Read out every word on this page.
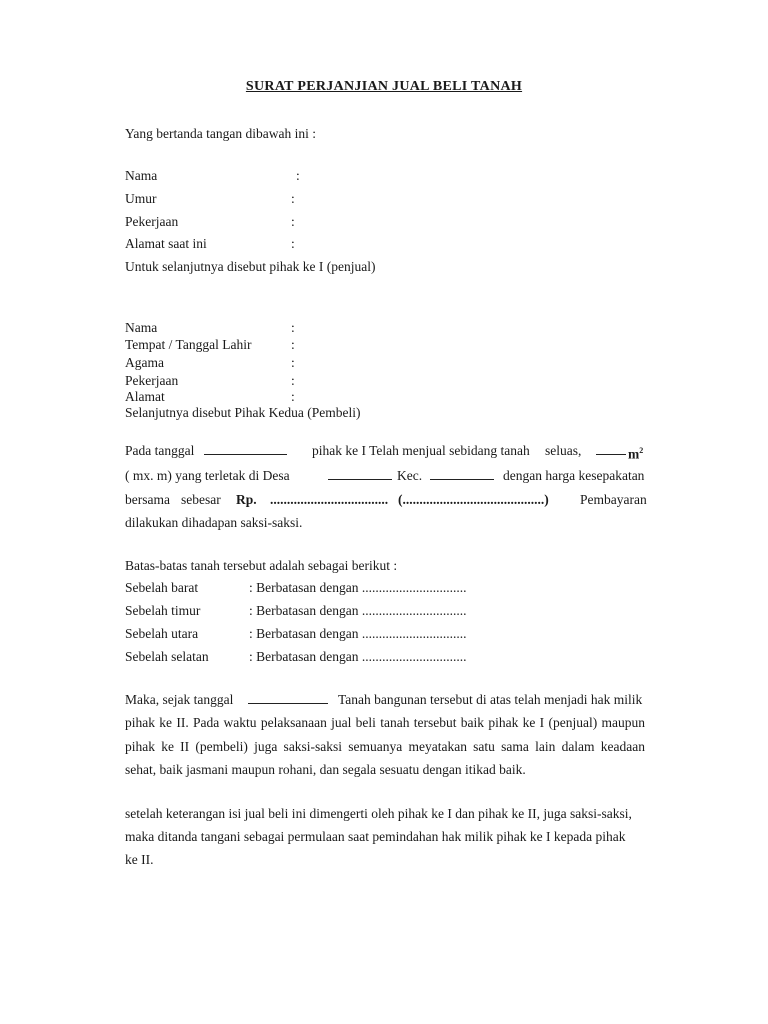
SURAT PERJANJIAN JUAL BELI TANAH
Yang bertanda tangan dibawah ini :
Nama	:
Umur	:
Pekerjaan	:
Alamat saat ini	:
Untuk selanjutnya disebut pihak ke I (penjual)
Nama	:
Tempat / Tanggal Lahir	:
Agama	:
Pekerjaan	:
Alamat	:
Selanjutnya disebut Pihak Kedua (Pembeli)
Pada tanggal	pihak ke I Telah menjual sebidang tanah seluas,	$m^2$
( mx. m) yang terletak di Desa	Kec.	dengan harga kesepakatan
bersama sebesar Rp. ................................... (..........................................) Pembayaran
dilakukan dihadapan saksi-saksi.
Batas-batas tanah tersebut adalah sebagai berikut :
Sebelah barat	: Berbatasan dengan ...............................
Sebelah timur	: Berbatasan dengan ...............................
Sebelah utara	: Berbatasan dengan ...............................
Sebelah selatan	: Berbatasan dengan ...............................
Maka, sejak tanggal	Tanah bangunan tersebut di atas telah menjadi hak milik
pihak ke II. Pada waktu pelaksanaan jual beli tanah tersebut baik pihak ke I (penjual) maupun
pihak ke II (pembeli) juga saksi-saksi semuanya meyatakan satu sama lain dalam keadaan
sehat, baik jasmani maupun rohani, dan segala sesuatu dengan itikad baik.
setelah keterangan isi jual beli ini dimengerti oleh pihak ke I dan pihak ke II, juga saksi-saksi,
maka ditanda tangani sebagai permulaan saat pemindahan hak milik pihak ke I kepada pihak
ke II.
